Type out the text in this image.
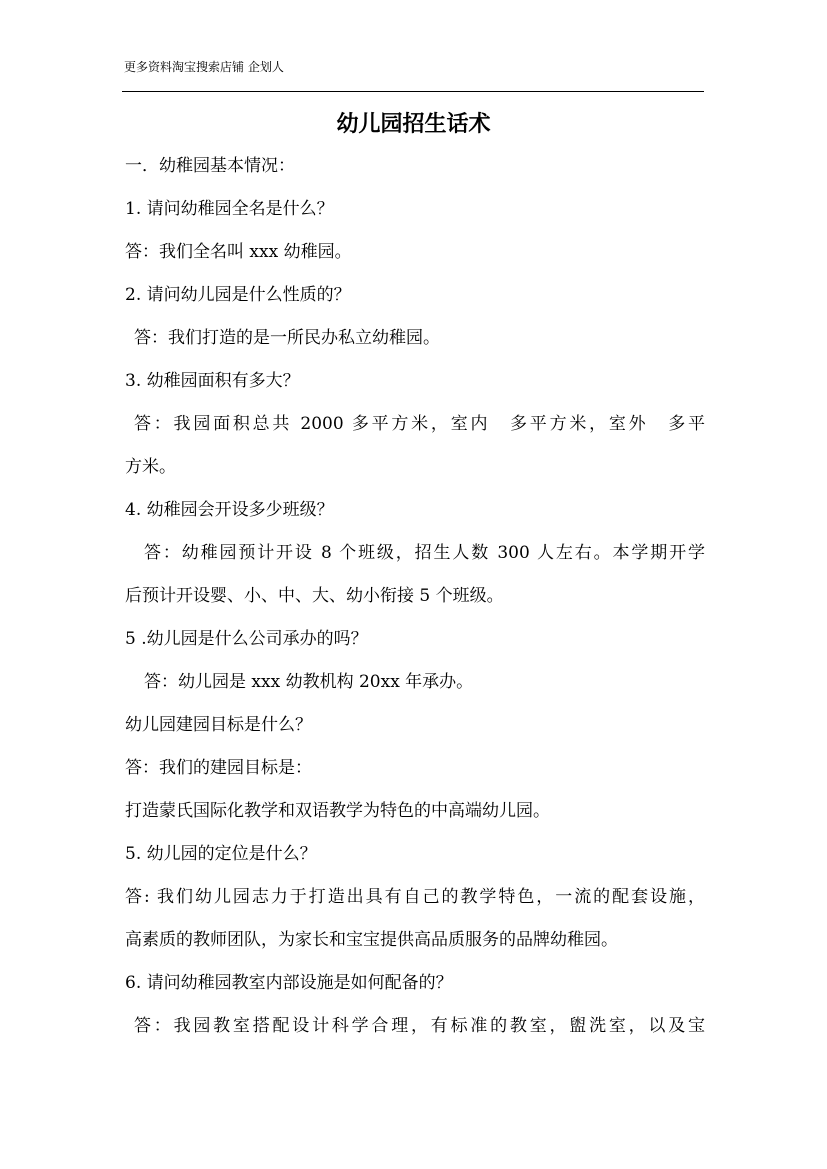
更多资料淘宝搜索店铺 企划人
幼儿园招生话术
一．幼稚园基本情况：
1. 请问幼稚园全名是什么？
答：我们全名叫 xxx 幼稚园。
2. 请问幼儿园是什么性质的？
答：我们打造的是一所民办私立幼稚园。
3. 幼稚园面积有多大？
答：我园面积总共 2000 多平方米，室内　多平方米，室外　多平
方米。
4. 幼稚园会开设多少班级？
答：幼稚园预计开设 8 个班级，招生人数 300 人左右。本学期开学
后预计开设婴、小、中、大、幼小衔接 5 个班级。
5 .幼儿园是什么公司承办的吗？
答：幼儿园是 xxx 幼教机构 20xx 年承办。
幼儿园建园目标是什么？
答：我们的建园目标是：
打造蒙氏国际化教学和双语教学为特色的中高端幼儿园。
5. 幼儿园的定位是什么？
答: 我们幼儿园志力于打造出具有自己的教学特色，一流的配套设施，
高素质的教师团队，为家长和宝宝提供高品质服务的品牌幼稚园。
6. 请问幼稚园教室内部设施是如何配备的？
答：我园教室搭配设计科学合理，有标准的教室，盥洗室，以及宝
